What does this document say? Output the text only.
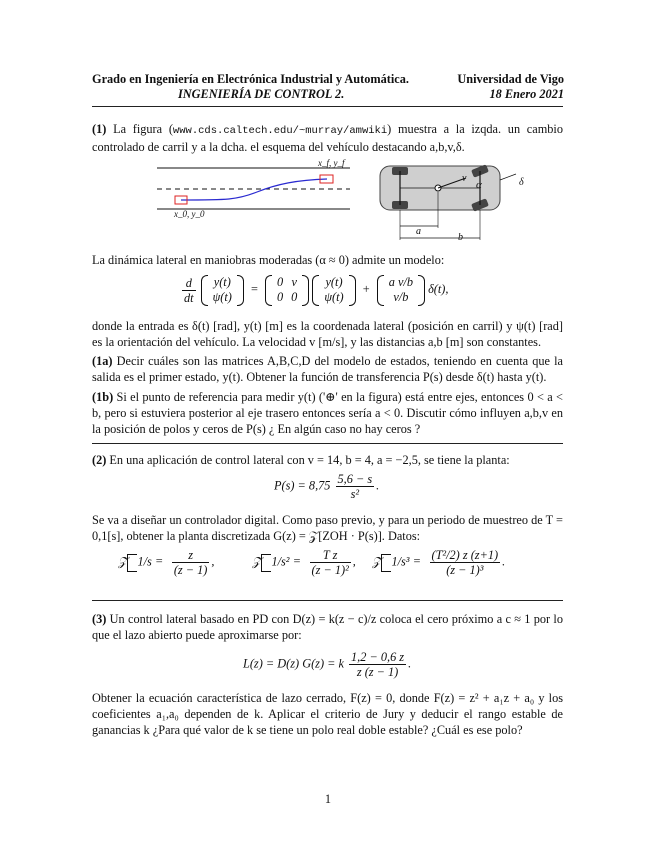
Grado en Ingeniería en Electrónica Industrial y Automática.	Universidad de Vigo
INGENIERÍA DE CONTROL 2.	18 Enero 2021
(1) La figura (www.cds.caltech.edu/~murray/amwiki) muestra a la izqda. un cambio controlado de carril y a la dcha. el esquema del vehículo destacando a,b,v,δ.
x_f, y_f
x_0, y_0
v
α	δ
a
b
La dinámica lateral en maniobras moderadas (α ≈ 0) admite un modelo:
$\frac{d}{dt}$
y(t)
ψ(t)
=
0	v
0	0

y(t)
ψ(t)
+
a v/b
v/b
δ(t),
donde la entrada es δ(t) [rad], y(t) [m] es la coordenada lateral (posición en carril) y ψ(t) [rad] es la orientación del vehículo. La velocidad v [m/s], y las distancias a,b [m] son constantes.
(1a) Decir cuáles son las matrices A,B,C,D del modelo de estados, teniendo en cuenta que la salida es el primer estado, y(t). Obtener la función de transferencia P(s) desde δ(t) hasta y(t).
(1b) Si el punto de referencia para medir y(t) ('⊕' en la figura) está entre ejes, entonces 0 < a < b, pero si estuviera posterior al eje trasero entonces sería a < 0. Discutir cómo influyen a,b,v en la posición de polos y ceros de P(s) ¿ En algún caso no hay ceros ?
(2) En una aplicación de control lateral con v = 14, b = 4, a = −2,5, se tiene la planta:
$P(s) = 8,75 \frac{5,6 - s}{\text{s²}}$ .
Se va a diseñar un controlador digital. Como paso previo, y para un periodo de muestreo de T = 0,1[s], obtener la planta discretizada G(z) = 𝒵[ZOH · P(s)]. Datos:
𝒵 $1/s = \frac{z}{(z - 1)}$ ,	𝒵 $1/s^2 = \frac{\text{T z}}{\text{(z − 1)²}}$ , 𝒵 $1/s^3 = \frac{\text{(T²/2) z (z+1)}}{\text{(z − 1)³}}$ .
(3) Un control lateral basado en PD con D(z) = k(z − c)/z coloca el cero próximo a c ≈ 1 por lo que el lazo abierto puede aproximarse por:
L(z) = D(z) G(z) = k $\frac{1,2 - 0,6 z}{z (z - 1)}$ .
Obtener la ecuación característica de lazo cerrado, F(z) = 0, donde F(z) = z² + a₁z + a₀ y los coeficientes a₁,a₀ dependen de k. Aplicar el criterio de Jury y deducir el rango estable de ganancias k ¿Para qué valor de k se tiene un polo real doble estable? ¿Cuál es ese polo?
1
